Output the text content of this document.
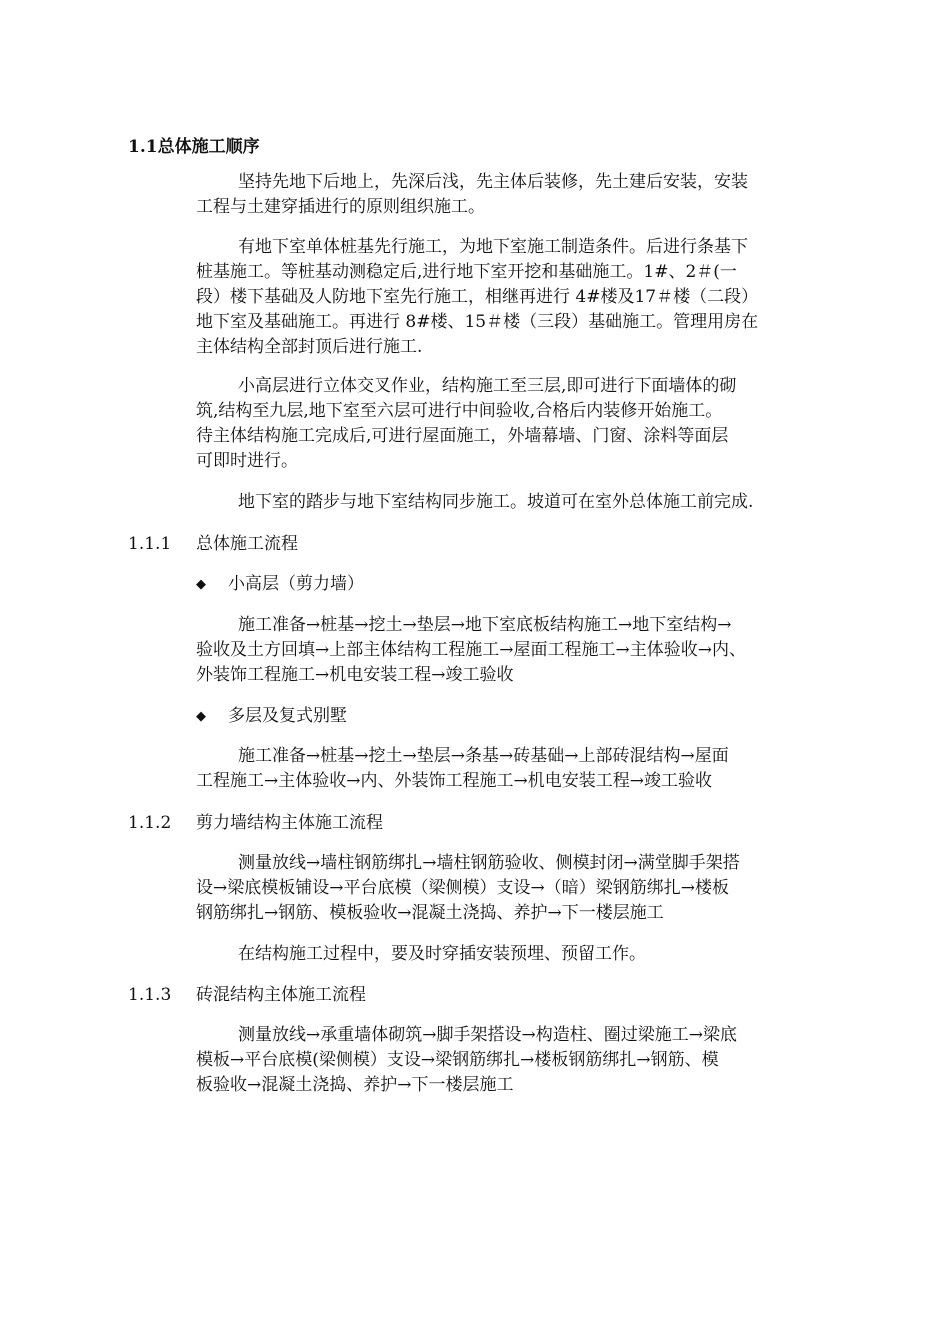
1.1总体施工顺序
坚持先地下后地上，先深后浅，先主体后装修，先土建后安装，安装
工程与土建穿插进行的原则组织施工。
有地下室单体桩基先行施工，为地下室施工制造条件。后进行条基下
桩基施工。等桩基动测稳定后,进行地下室开挖和基础施工。1#、2＃(一
段）楼下基础及人防地下室先行施工，相继再进行 4#楼及17＃楼（二段）
地下室及基础施工。再进行 8#楼、15＃楼（三段）基础施工。管理用房在
主体结构全部封顶后进行施工.
小高层进行立体交叉作业，结构施工至三层,即可进行下面墙体的砌
筑,结构至九层,地下室至六层可进行中间验收,合格后内装修开始施工。
待主体结构施工完成后,可进行屋面施工，外墙幕墙、门窗、涂料等面层
可即时进行。
地下室的踏步与地下室结构同步施工。坡道可在室外总体施工前完成.
1.1.1 总体施工流程
◆ 小高层（剪力墙）
施工准备→桩基→挖土→垫层→地下室底板结构施工→地下室结构→
验收及土方回填→上部主体结构工程施工→屋面工程施工→主体验收→内、
外装饰工程施工→机电安装工程→竣工验收
◆ 多层及复式别墅
施工准备→桩基→挖土→垫层→条基→砖基础→上部砖混结构→屋面
工程施工→主体验收→内、外装饰工程施工→机电安装工程→竣工验收
1.1.2 剪力墙结构主体施工流程
测量放线→墙柱钢筋绑扎→墙柱钢筋验收、侧模封闭→满堂脚手架搭
设→梁底模板铺设→平台底模（梁侧模）支设→（暗）梁钢筋绑扎→楼板
钢筋绑扎→钢筋、模板验收→混凝土浇捣、养护→下一楼层施工
在结构施工过程中，要及时穿插安装预埋、预留工作。
1.1.3 砖混结构主体施工流程
测量放线→承重墙体砌筑→脚手架搭设→构造柱、圈过梁施工→梁底
模板→平台底模(梁侧模）支设→梁钢筋绑扎→楼板钢筋绑扎→钢筋、模
板验收→混凝土浇捣、养护→下一楼层施工
